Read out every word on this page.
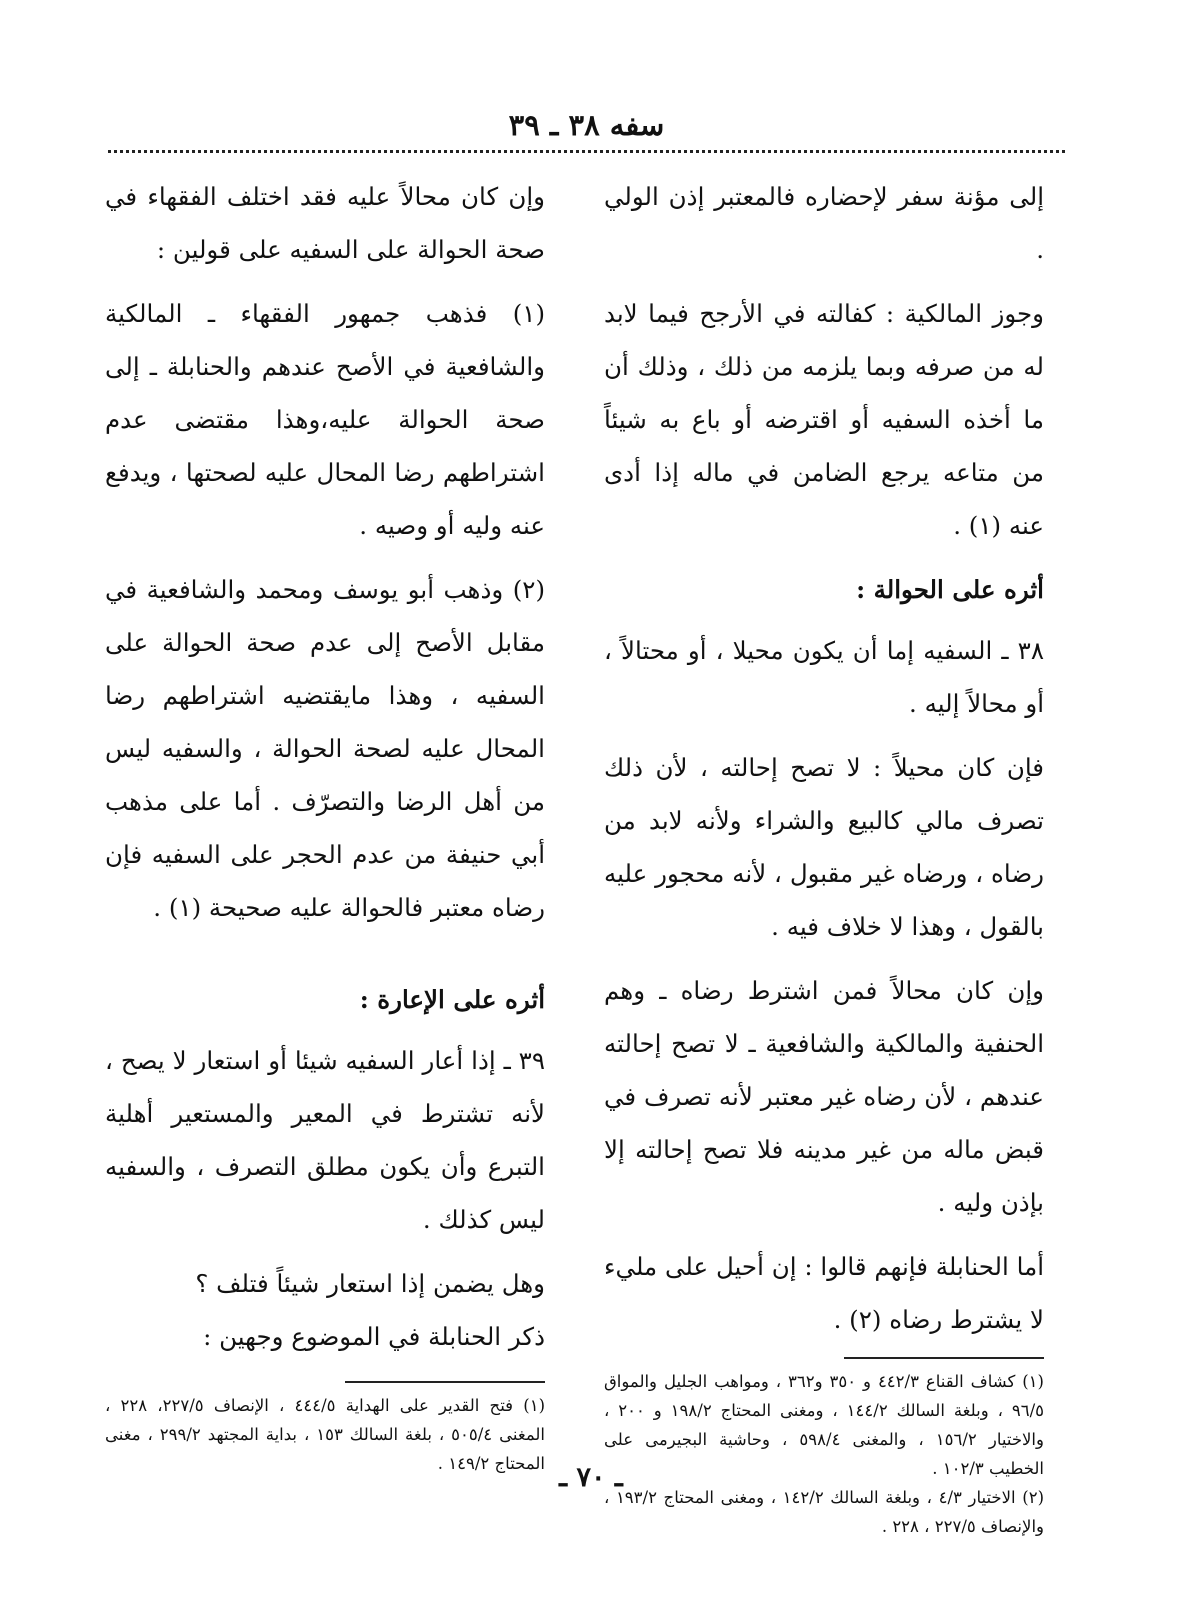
سفه ٣٨ ـ ٣٩

إلى مؤنة سفر لإحضاره فالمعتبر إذن الولي .

وجوز المالكية : كفالته في الأرجح فيما لابد له من صرفه وبما يلزمه من ذلك ، وذلك أن ما أخذه السفيه أو اقترضه أو باع به شيئاً من متاعه يرجع الضامن في ماله إذا أدى عنه (١) .

أثره على الحوالة :

٣٨ ـ السفيه إما أن يكون محيلا ، أو محتالاً ، أو محالاً إليه .

فإن كان محيلاً : لا تصح إحالته ، لأن ذلك تصرف مالي كالبيع والشراء ولأنه لابد من رضاه ، ورضاه غير مقبول ، لأنه محجور عليه بالقول ، وهذا لا خلاف فيه .

وإن كان محالاً فمن اشترط رضاه ـ وهم الحنفية والمالكية والشافعية ـ لا تصح إحالته عندهم ، لأن رضاه غير معتبر لأنه تصرف في قبض ماله من غير مدينه فلا تصح إحالته إلا بإذن وليه .

أما الحنابلة فإنهم قالوا : إن أحيل على مليء لا يشترط رضاه (٢) .

(١) كشاف القناع ٤٤٢/٣ و ٣٥٠ و٣٦٢ ، ومواهب الجليل والمواق ٩٦/٥ ، وبلغة السالك ١٤٤/٢ ، ومغنى المحتاج ١٩٨/٢ و ٢٠٠ ، والاختيار ١٥٦/٢ ، والمغنى ٥٩٨/٤ ، وحاشية البجيرمى على الخطيب ١٠٢/٣ .

(٢) الاختيار ٤/٣ ، وبلغة السالك ١٤٢/٢ ، ومغنى المحتاج ١٩٣/٢ ، والإنصاف ٢٢٧/٥ ، ٢٢٨ .

وإن كان محالاً عليه فقد اختلف الفقهاء في صحة الحوالة على السفيه على قولين :

(١) فذهب جمهور الفقهاء ـ المالكية والشافعية في الأصح عندهم والحنابلة ـ إلى صحة الحوالة عليه،وهذا مقتضى عدم اشتراطهم رضا المحال عليه لصحتها ، ويدفع عنه وليه أو وصيه .

(٢) وذهب أبو يوسف ومحمد والشافعية في مقابل الأصح إلى عدم صحة الحوالة على السفيه ، وهذا مايقتضيه اشتراطهم رضا المحال عليه لصحة الحوالة ، والسفيه ليس من أهل الرضا والتصرّف . أما على مذهب أبي حنيفة من عدم الحجر على السفيه فإن رضاه معتبر فالحوالة عليه صحيحة (١) .

أثره على الإعارة :

٣٩ ـ إذا أعار السفيه شيئا أو استعار لا يصح ، لأنه تشترط في المعير والمستعير أهلية التبرع وأن يكون مطلق التصرف ، والسفيه ليس كذلك .

وهل يضمن إذا استعار شيئاً فتلف ؟

ذكر الحنابلة في الموضوع وجهين :

(١) فتح القدير على الهداية ٤٤٤/٥ ، الإنصاف ٢٢٧/٥، ٢٢٨ ، المغنى ٥٠٥/٤ ، بلغة السالك ١٥٣ ، بداية المجتهد ٢٩٩/٢ ، مغنى المحتاج ١٤٩/٢ . ـ ٧٠ ـ
